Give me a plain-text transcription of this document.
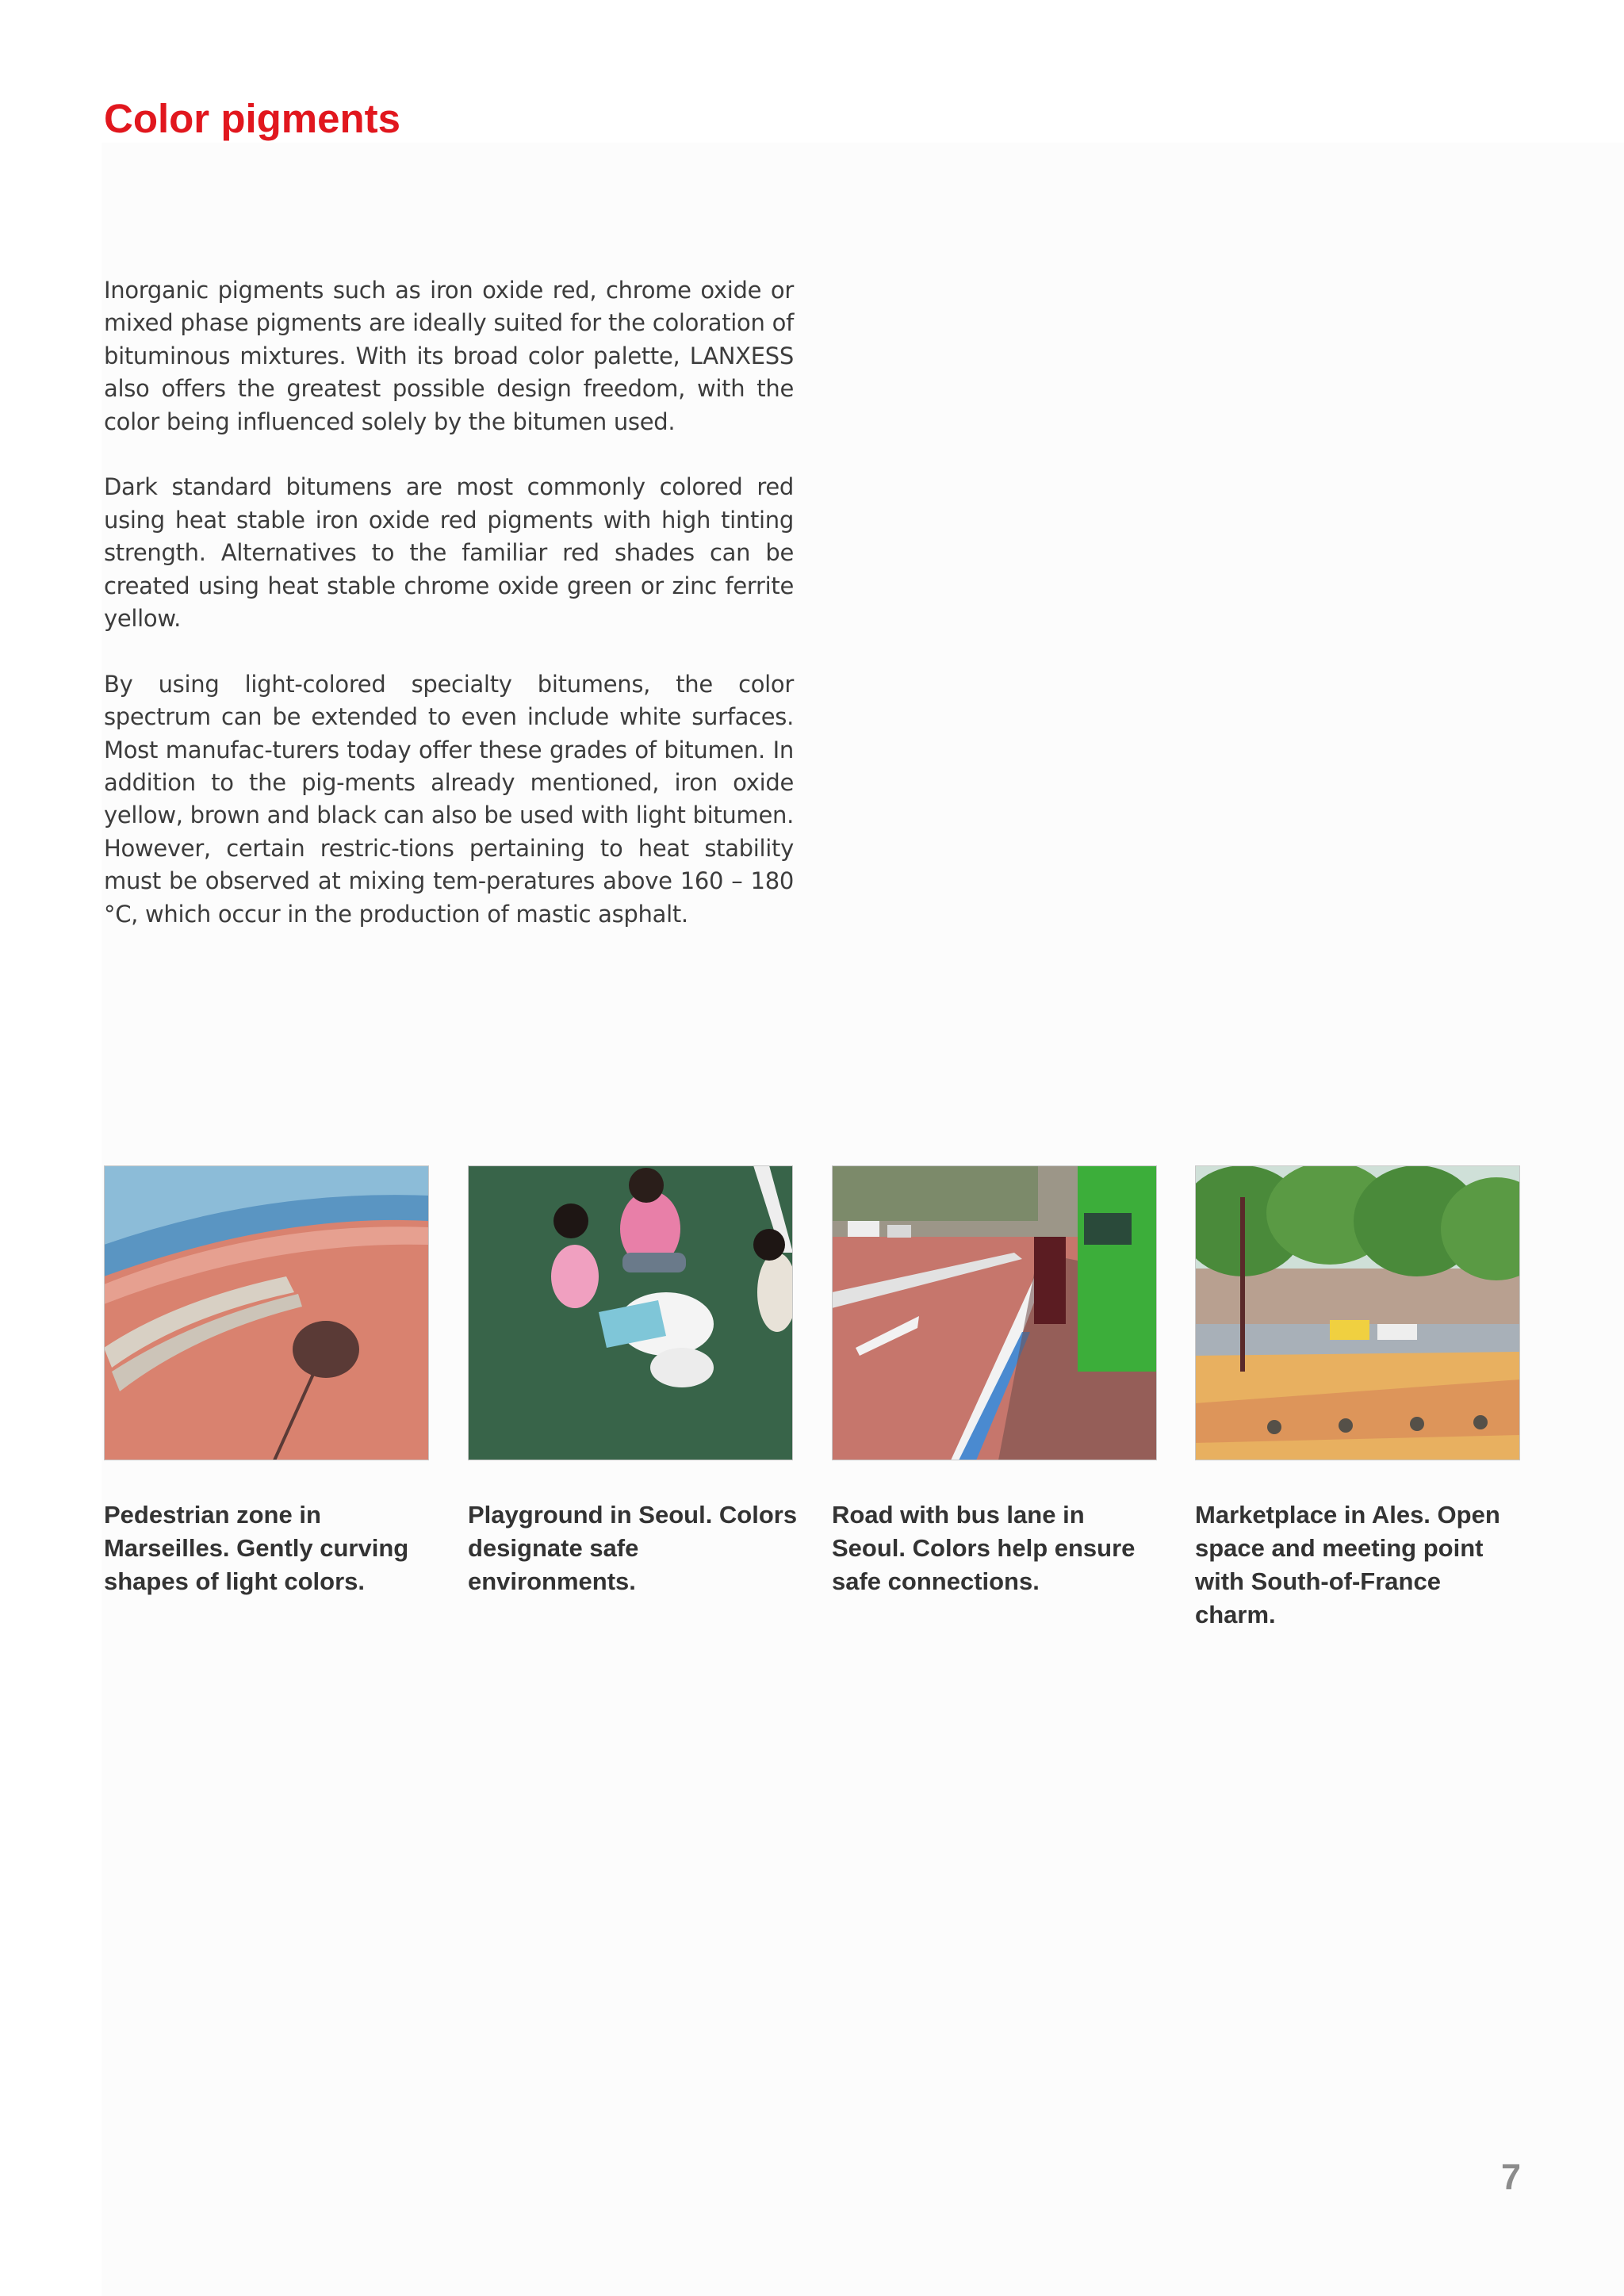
Color pigments

Inorganic pigments such as iron oxide red, chrome oxide or mixed phase pigments are ideally suited for the coloration of bituminous mixtures. With its broad color palette, LANXESS also offers the greatest possible design freedom, with the color being influenced solely by the bitumen used.

Dark standard bitumens are most commonly colored red using heat stable iron oxide red pigments with high tinting strength. Alternatives to the familiar red shades can be created using heat stable chrome oxide green or zinc ferrite yellow.

By using light-colored specialty bitumens, the color spectrum can be extended to even include white surfaces. Most manufac-turers today offer these grades of bitumen. In addition to the pig-ments already mentioned, iron oxide yellow, brown and black can also be used with light bitumen. However, certain restric-tions pertaining to heat stability must be observed at mixing tem-peratures above 160 – 180 °C, which occur in the production of mastic asphalt.

Pedestrian zone in Marseilles. Gently curving shapes of light colors.
Playground in Seoul. Colors designate safe environments.
Road with bus lane in Seoul. Colors help ensure safe connections.
Marketplace in Ales. Open space and meeting point with South-of-France charm.
7
